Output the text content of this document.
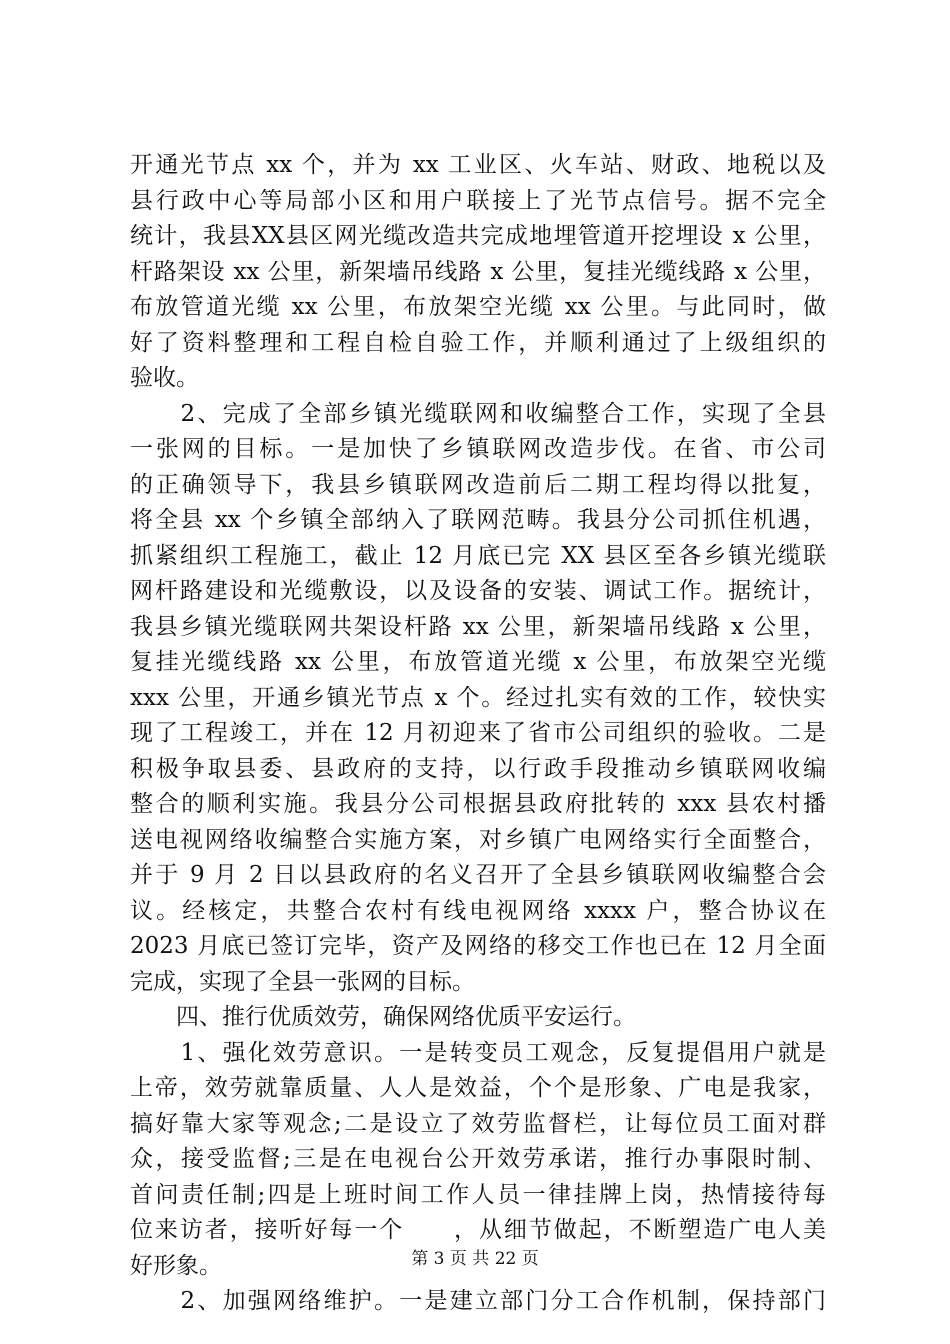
开通光节点 xx 个，并为 xx 工业区、火车站、财政、地税以及
县行政中心等局部小区和用户联接上了光节点信号。据不完全
统计，我县XX县区网光缆改造共完成地埋管道开挖埋设 x 公里，
杆路架设 xx 公里，新架墙吊线路 x 公里，复挂光缆线路 x 公里，
布放管道光缆 xx 公里，布放架空光缆 xx 公里。与此同时，做
好了资料整理和工程自检自验工作，并顺利通过了上级组织的
验收。
　　2、完成了全部乡镇光缆联网和收编整合工作，实现了全县
一张网的目标。一是加快了乡镇联网改造步伐。在省、市公司
的正确领导下，我县乡镇联网改造前后二期工程均得以批复，
将全县 xx 个乡镇全部纳入了联网范畴。我县分公司抓住机遇，
抓紧组织工程施工，截止 12 月底已完 XX 县区至各乡镇光缆联
网杆路建设和光缆敷设，以及设备的安装、调试工作。据统计，
我县乡镇光缆联网共架设杆路 xx 公里，新架墙吊线路 x 公里，
复挂光缆线路 xx 公里，布放管道光缆 x 公里，布放架空光缆
xxx 公里，开通乡镇光节点 x 个。经过扎实有效的工作，较快实
现了工程竣工，并在 12 月初迎来了省市公司组织的验收。二是
积极争取县委、县政府的支持，以行政手段推动乡镇联网收编
整合的顺利实施。我县分公司根据县政府批转的 xxx 县农村播
送电视网络收编整合实施方案，对乡镇广电网络实行全面整合，
并于 9 月 2 日以县政府的名义召开了全县乡镇联网收编整合会
议。经核定，共整合农村有线电视网络 xxxx 户，整合协议在
2023 月底已签订完毕，资产及网络的移交工作也已在 12 月全面
完成，实现了全县一张网的目标。
　　四、推行优质效劳，确保网络优质平安运行。
　　1、强化效劳意识。一是转变员工观念，反复提倡用户就是
上帝，效劳就靠质量、人人是效益，个个是形象、广电是我家，
搞好靠大家等观念;二是设立了效劳监督栏，让每位员工面对群
众，接受监督;三是在电视台公开效劳承诺，推行办事限时制、
首问责任制;四是上班时间工作人员一律挂牌上岗，热情接待每
位来访者，接听好每一个　　，从细节做起，不断塑造广电人美
好形象。
　　2、加强网络维护。一是建立部门分工合作机制，保持部门
第 3 页 共 22 页
